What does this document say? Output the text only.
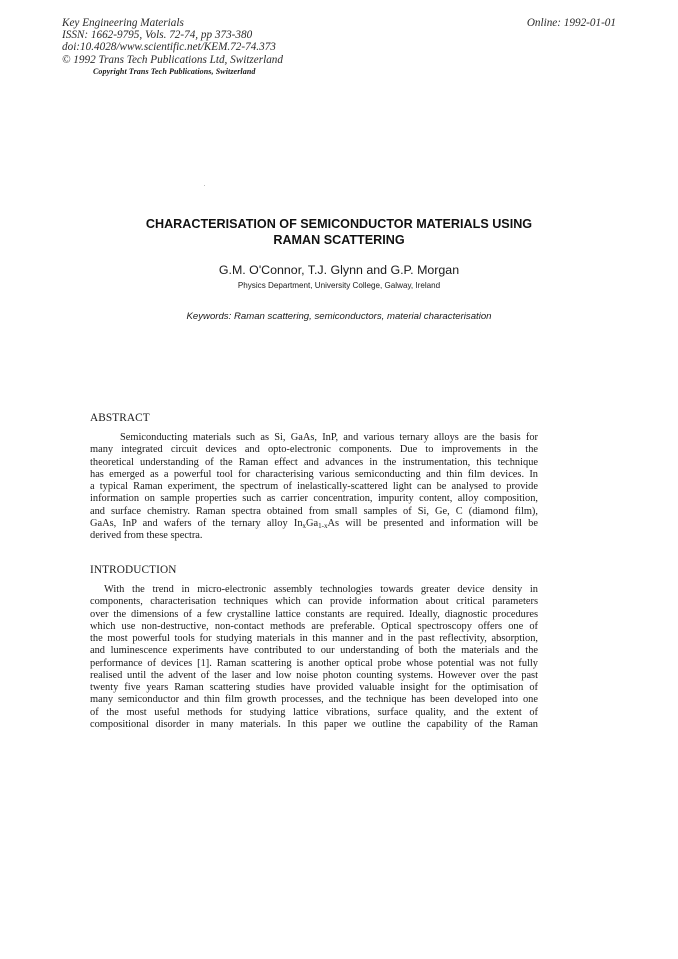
Key Engineering Materials
ISSN: 1662-9795, Vols. 72-74, pp 373-380
doi:10.4028/www.scientific.net/KEM.72-74.373
© 1992 Trans Tech Publications Ltd, Switzerland
Online: 1992-01-01
Copyright Trans Tech Publications, Switzerland
CHARACTERISATION OF SEMICONDUCTOR MATERIALS USING
RAMAN SCATTERING
G.M. O'Connor, T.J. Glynn and G.P. Morgan
Physics Department, University College, Galway, Ireland
Keywords: Raman scattering, semiconductors, material characterisation
ABSTRACT
Semiconducting materials such as Si, GaAs, InP, and various ternary alloys are the basis for
many integrated circuit devices and opto-electronic components. Due to improvements in the
theoretical understanding of the Raman effect and advances in the instrumentation, this technique
has emerged as a powerful tool for characterising various semiconducting and thin film devices. In
a typical Raman experiment, the spectrum of inelastically-scattered light can be analysed to provide
information on sample properties such as carrier concentration, impurity content, alloy composition,
and surface chemistry. Raman spectra obtained from small samples of Si, Ge, C (diamond film),
GaAs, InP and wafers of the ternary alloy $In_xGa_{1-x}As$ will be presented and information will be
derived from these spectra.
INTRODUCTION
With the trend in micro-electronic assembly technologies towards greater device density in
components, characterisation techniques which can provide information about critical parameters
over the dimensions of a few crystalline lattice constants are required. Ideally, diagnostic procedures
which use non-destructive, non-contact methods are preferable. Optical spectroscopy offers one of
the most powerful tools for studying materials in this manner and in the past reflectivity, absorption,
and luminescence experiments have contributed to our understanding of both the materials and the
performance of devices [1]. Raman scattering is another optical probe whose potential was not fully
realised until the advent of the laser and low noise photon counting systems. However over the past
twenty five years Raman scattering studies have provided valuable insight for the optimisation of
many semiconductor and thin film growth processes, and the technique has been developed into one
of the most useful methods for studying lattice vibrations, surface quality, and the extent of
compositional disorder in many materials. In this paper we outline the capability of the Raman
